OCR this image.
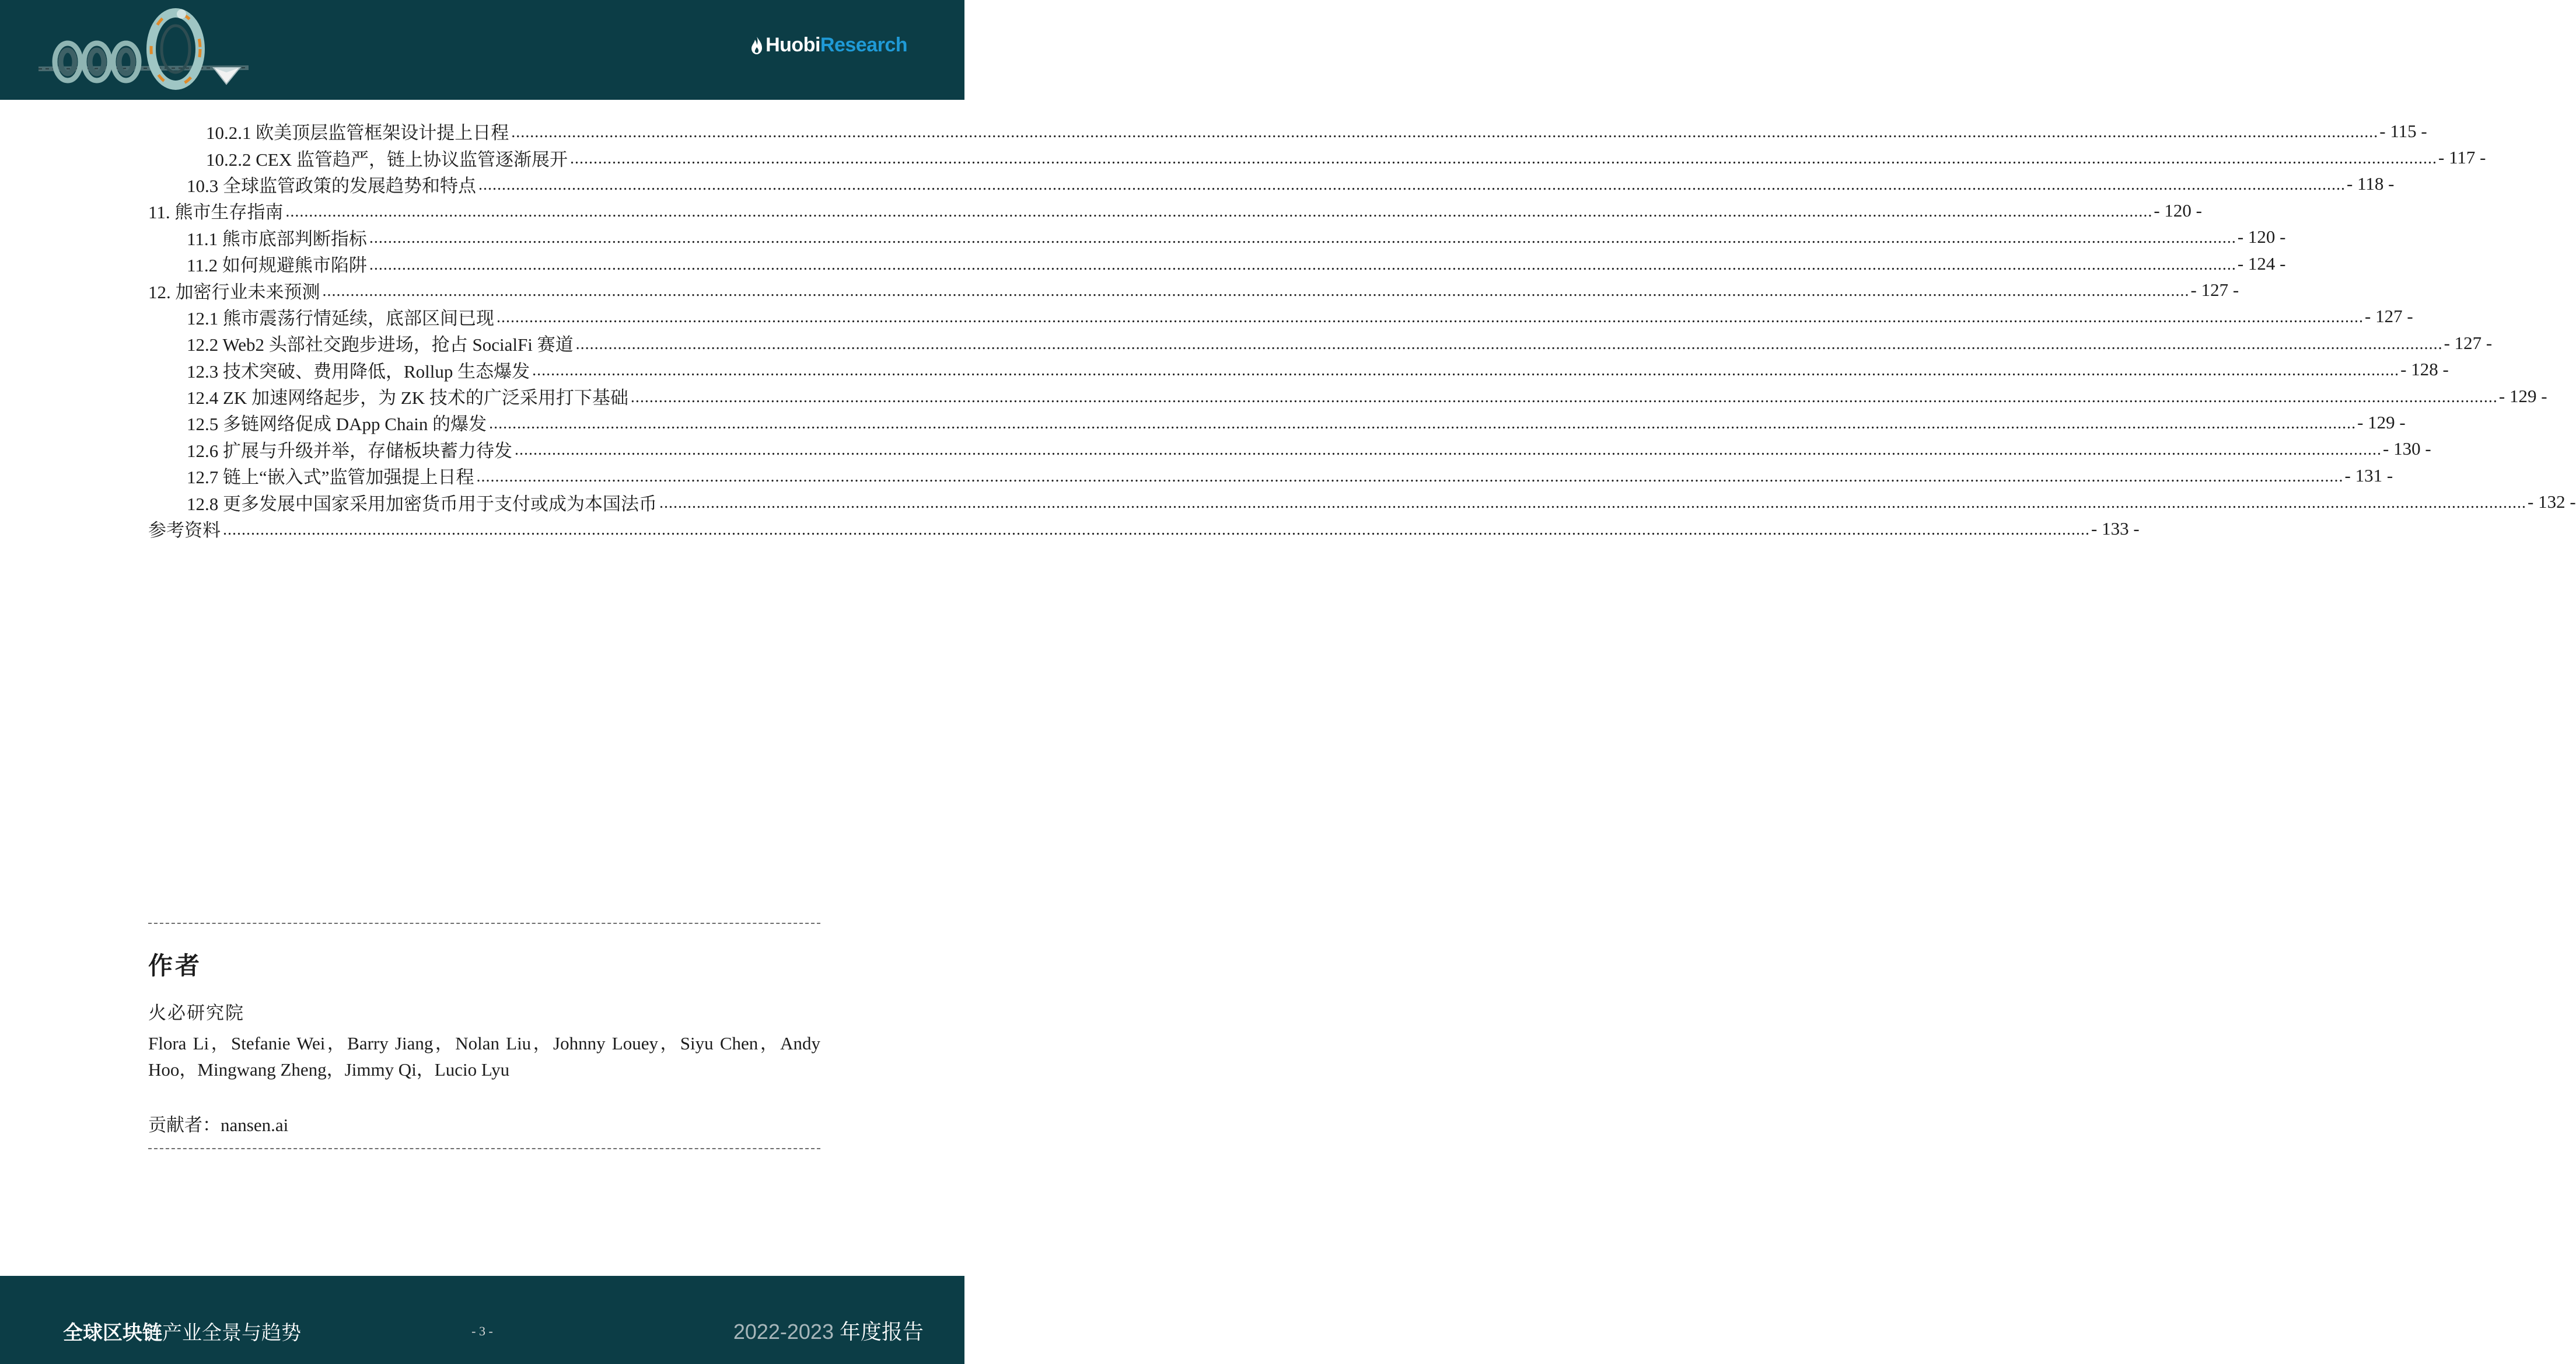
Huobi Research
10.2.1 欧美顶层监管框架设计提上日程 ................................................................................................................................................................................................................................................................................................................................................................................................................ - 115 -
10.2.2 CEX 监管趋严，链上协议监管逐渐展开 ................................................................................................................................................................................................................................................................................................................................................................................................................ - 117 -
10.3 全球监管政策的发展趋势和特点 ................................................................................................................................................................................................................................................................................................................................................................................................................ - 118 -
11. 熊市生存指南 ................................................................................................................................................................................................................................................................................................................................................................................................................ - 120 -
11.1 熊市底部判断指标 ................................................................................................................................................................................................................................................................................................................................................................................................................ - 120 -
11.2 如何规避熊市陷阱 ................................................................................................................................................................................................................................................................................................................................................................................................................ - 124 -
12. 加密行业未来预测 ................................................................................................................................................................................................................................................................................................................................................................................................................ - 127 -
12.1 熊市震荡行情延续，底部区间已现 ................................................................................................................................................................................................................................................................................................................................................................................................................ - 127 -
12.2 Web2 头部社交跑步进场，抢占 SocialFi 赛道 ................................................................................................................................................................................................................................................................................................................................................................................................................ - 127 -
12.3 技术突破、费用降低，Rollup 生态爆发 ................................................................................................................................................................................................................................................................................................................................................................................................................ - 128 -
12.4 ZK 加速网络起步，为 ZK 技术的广泛采用打下基础 ................................................................................................................................................................................................................................................................................................................................................................................................................ - 129 -
12.5 多链网络促成 DApp Chain 的爆发 ................................................................................................................................................................................................................................................................................................................................................................................................................ - 129 -
12.6 扩展与升级并举，存储板块蓄力待发 ................................................................................................................................................................................................................................................................................................................................................................................................................ - 130 -
12.7 链上“嵌入式”监管加强提上日程 ................................................................................................................................................................................................................................................................................................................................................................................................................ - 131 -
12.8 更多发展中国家采用加密货币用于支付或成为本国法币 ................................................................................................................................................................................................................................................................................................................................................................................................................ - 132 -
参考资料 ................................................................................................................................................................................................................................................................................................................................................................................................................ - 133 -
作者
火必研究院
Flora Li，Stefanie Wei，Barry Jiang，Nolan Liu，Johnny Louey，Siyu Chen，Andy Hoo，Mingwang Zheng，Jimmy Qi，Lucio Lyu
贡献者：nansen.ai
全球区块链产业全景与趋势	- 3 -	2022-2023 年度报告
